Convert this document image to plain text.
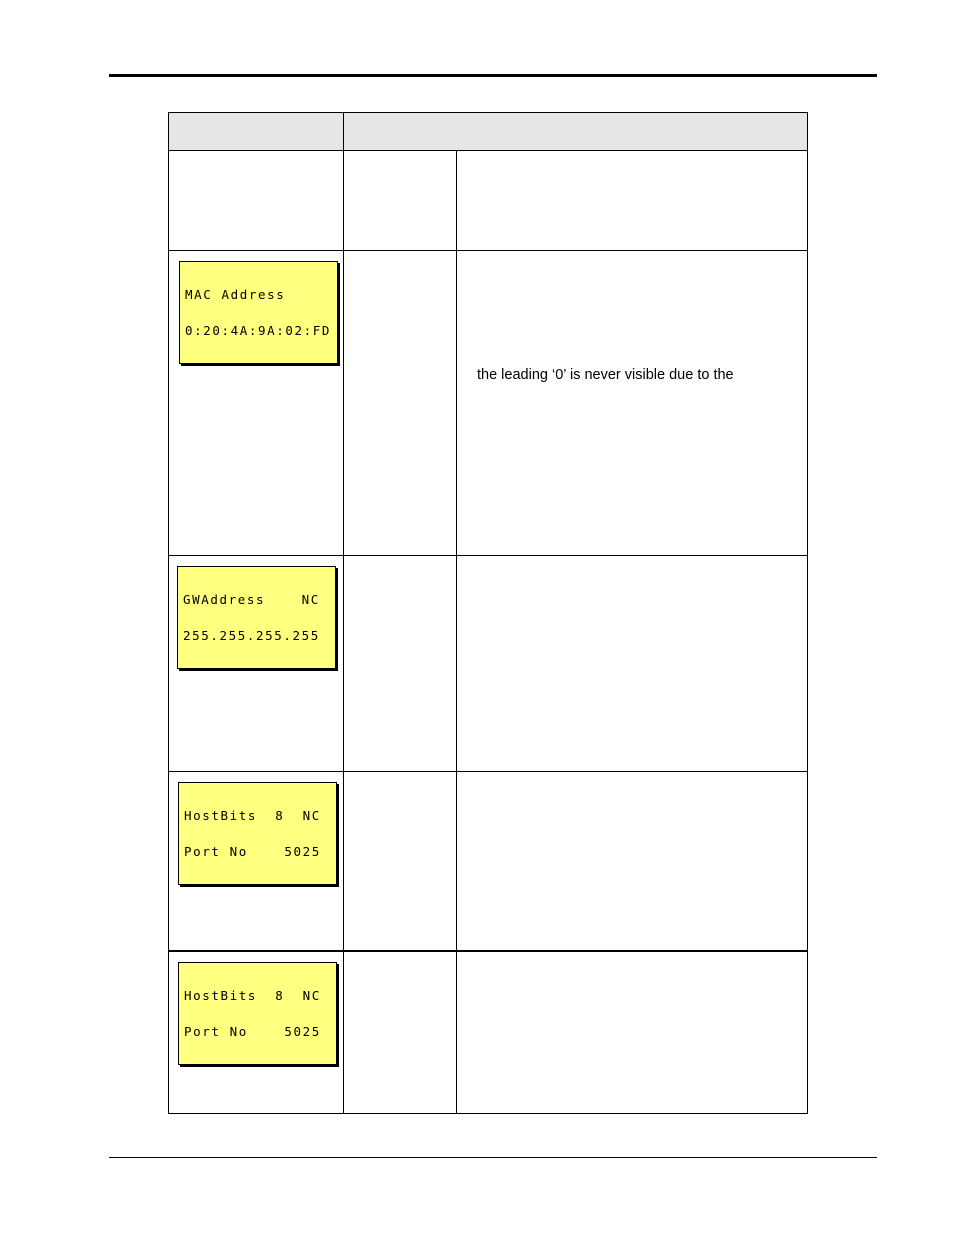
MAC Address

0:20:4A:9A:02:FD

GWAddress    NC

255.255.255.255

HostBits  8  NC

Port No    5025

HostBits  8  NC

Port No    5025

the leading ‘0’ is never visible due to the
